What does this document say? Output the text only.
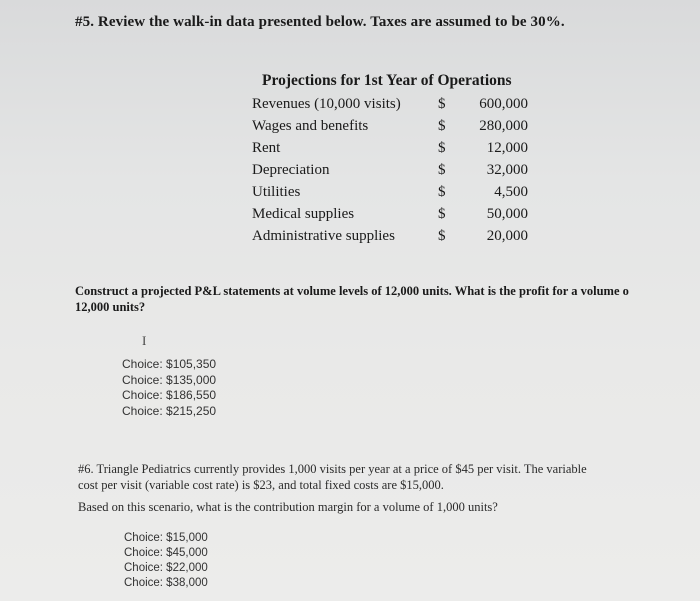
#5. Review the walk-in data presented below. Taxes are assumed to be 30%.
Projections for 1st Year of Operations
Revenues (10,000 visits) $ 600,000
Wages and benefits	$ 280,000
Rent	$	12,000
Depreciation	$	32,000
Utilities	$	4,500
Medical supplies	$	50,000
Administrative supplies	$	20,000
Construct a projected P&L statements at volume levels of 12,000 units. What is the profit for a volume o
12,000 units?
I
Choice: $105,350
Choice: $135,000
Choice: $186,550
Choice: $215,250
#6. Triangle Pediatrics currently provides 1,000 visits per year at a price of $45 per visit. The variable
cost per visit (variable cost rate) is $23, and total fixed costs are $15,000.
Based on this scenario, what is the contribution margin for a volume of 1,000 units?
Choice: $15,000
Choice: $45,000
Choice: $22,000
Choice: $38,000
